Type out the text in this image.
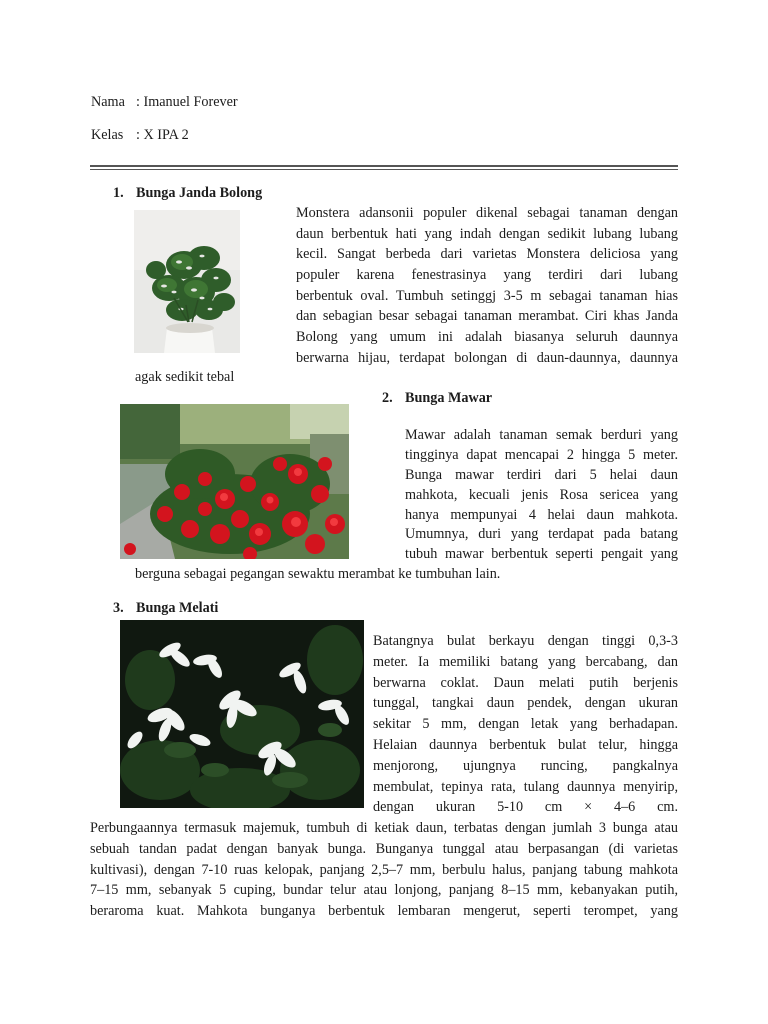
Nama : Imanuel Forever
Kelas : X IPA 2
1. Bunga Janda Bolong
Monstera adansonii populer dikenal sebagai tanaman dengan
daun berbentuk hati yang indah dengan sedikit lubang lubang
kecil. Sangat berbeda dari varietas Monstera deliciosa yang
populer karena fenestrasinya yang terdiri dari lubang
berbentuk oval. Tumbuh setinggj 3-5 m sebagai tanaman hias
dan sebagian besar sebagai tanaman merambat. Ciri khas Janda
Bolong yang umum ini adalah biasanya seluruh daunnya
berwarna hijau, terdapat bolongan di daun-daunnya, daunnya
agak sedikit tebal
2. Bunga Mawar
Mawar adalah tanaman semak berduri yang
tingginya dapat mencapai 2 hingga 5 meter.
Bunga mawar terdiri dari 5 helai daun
mahkota, kecuali jenis Rosa sericea yang
hanya mempunyai 4 helai daun mahkota.
Umumnya, duri yang terdapat pada batang
tubuh mawar berbentuk seperti pengait yang
berguna sebagai pegangan sewaktu merambat ke tumbuhan lain.
3. Bunga Melati
Batangnya bulat berkayu dengan tinggi 0,3-3
meter. Ia memiliki batang yang bercabang, dan
berwarna coklat. Daun melati putih berjenis
tunggal, tangkai daun pendek, dengan ukuran
sekitar 5 mm, dengan letak yang berhadapan.
Helaian daunnya berbentuk bulat telur, hingga
menjorong, ujungnya runcing, pangkalnya
membulat, tepinya rata, tulang daunnya menyirip,
dengan ukuran 5-10 cm × 4–6 cm.
Perbungaannya termasuk majemuk, tumbuh di ketiak daun, terbatas dengan jumlah 3 bunga atau
sebuah tandan padat dengan banyak bunga. Bunganya tunggal atau berpasangan (di varietas
kultivasi), dengan 7-10 ruas kelopak, panjang 2,5–7 mm, berbulu halus, panjang tabung mahkota
7–15 mm, sebanyak 5 cuping, bundar telur atau lonjong, panjang 8–15 mm, kebanyakan putih,
beraroma kuat. Mahkota bunganya berbentuk lembaran mengerut, seperti terompet, yang
